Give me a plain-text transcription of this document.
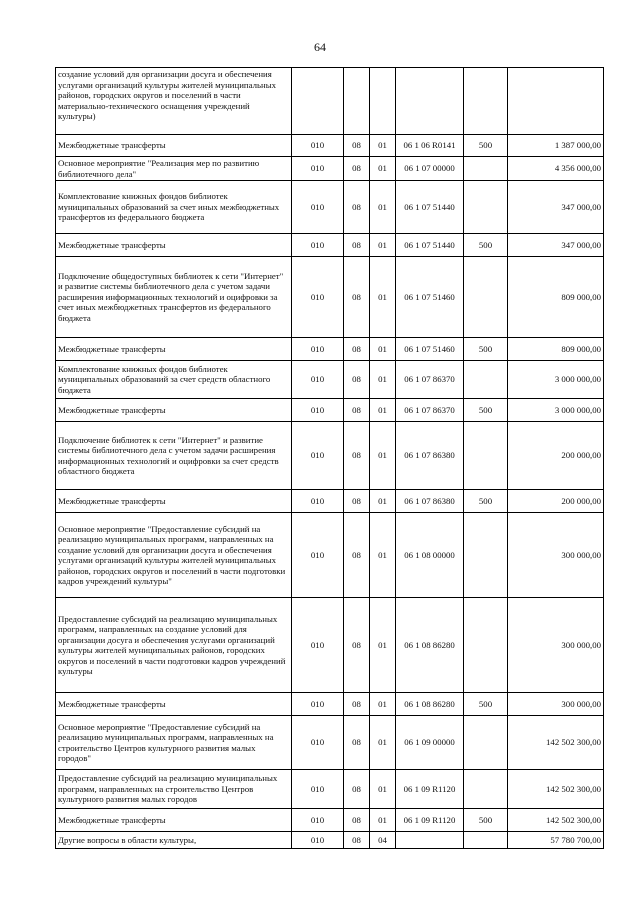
64
создание условий для организации досуга и обеспечения услугами организаций культуры жителей муниципальных районов, городских округов и поселений в части материально-технического оснащения учреждений культуры)						
Межбюджетные трансферты	010	08	01	06 1 06 R0141	500	1 387 000,00
Основное мероприятие "Реализация мер по развитию библиотечного дела"	010	08	01	06 1 07 00000		4 356 000,00
Комплектование книжных фондов библиотек муниципальных образований за счет иных межбюджетных трансфертов из федерального бюджета	010	08	01	06 1 07 51440		347 000,00
Межбюджетные трансферты	010	08	01	06 1 07 51440	500	347 000,00
Подключение общедоступных библиотек к сети "Интернет" и развитие системы библиотечного дела с учетом задачи расширения информационных технологий и оцифровки за счет иных межбюджетных трансфертов из федерального бюджета	010	08	01	06 1 07 51460		809 000,00
Межбюджетные трансферты	010	08	01	06 1 07 51460	500	809 000,00
Комплектование книжных фондов библиотек муниципальных образований за счет средств областного бюджета	010	08	01	06 1 07 86370		3 000 000,00
Межбюджетные трансферты	010	08	01	06 1 07 86370	500	3 000 000,00
Подключение библиотек к сети "Интернет" и развитие системы библиотечного дела с учетом задачи расширения информационных технологий и оцифровки за счет средств областного бюджета	010	08	01	06 1 07 86380		200 000,00
Межбюджетные трансферты	010	08	01	06 1 07 86380	500	200 000,00
Основное мероприятие "Предоставление субсидий на реализацию муниципальных программ, направленных на создание условий для организации досуга и обеспечения услугами организаций культуры жителей муниципальных районов, городских округов и поселений в части подготовки кадров учреждений культуры"	010	08	01	06 1 08 00000		300 000,00
Предоставление субсидий на реализацию муниципальных программ, направленных на создание условий для организации досуга и обеспечения услугами организаций культуры жителей муниципальных районов, городских округов и поселений в части подготовки кадров учреждений культуры	010	08	01	06 1 08 86280		300 000,00
Межбюджетные трансферты	010	08	01	06 1 08 86280	500	300 000,00
Основное мероприятие "Предоставление субсидий на реализацию муниципальных программ, направленных на строительство Центров культурного развития малых городов"	010	08	01	06 1 09 00000		142 502 300,00
Предоставление субсидий на реализацию муниципальных программ, направленных на строительство Центров культурного развития малых городов	010	08	01	06 1 09 R1120		142 502 300,00
Межбюджетные трансферты	010	08	01	06 1 09 R1120	500	142 502 300,00
Другие вопросы в области культуры,	010	08	04			57 780 700,00
